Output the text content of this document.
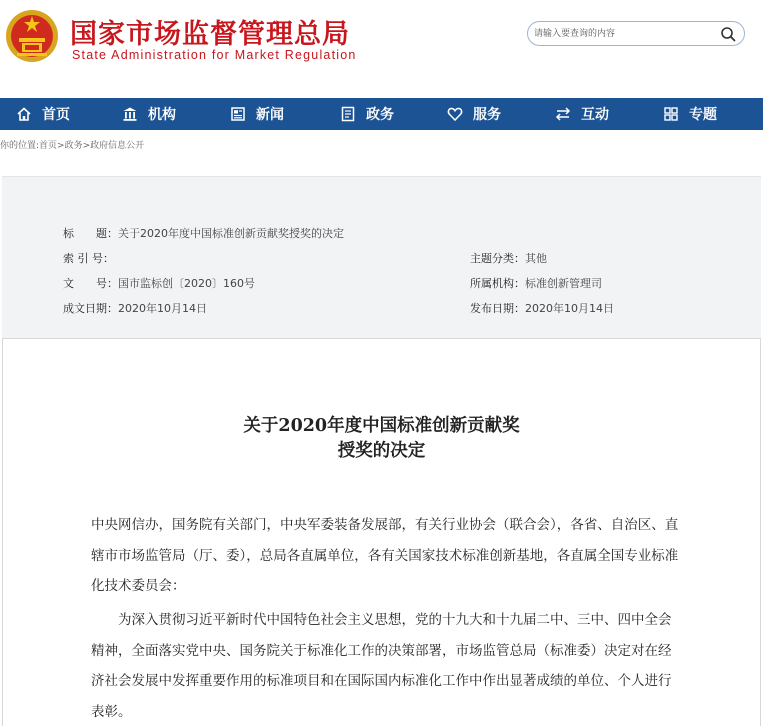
国家市场监督管理总局
State Administration for Market Regulation
请输入要查询的内容
首页	机构	新闻	政务	服务	互动	专题
你的位置:首页>政务>政府信息公开
标　　题：关于2020年度中国标准创新贡献奖授奖的决定
索 引 号：	主题分类：其他
文　　号：国市监标创〔2020〕160号	所属机构：标准创新管理司
成文日期：2020年10月14日	发布日期：2020年10月14日
关于2020年度中国标准创新贡献奖
授奖的决定
中央网信办，国务院有关部门，中央军委装备发展部，有关行业协会（联合会），各省、自治区、直辖市市场监管局（厅、委），总局各直属单位，各有关国家技术标准创新基地，各直属全国专业标准化技术委员会：
　　为深入贯彻习近平新时代中国特色社会主义思想，党的十九大和十九届二中、三中、四中全会精神，全面落实党中央、国务院关于标准化工作的决策部署，市场监管总局（标准委）决定对在经济社会发展中发挥重要作用的标准项目和在国际国内标准化工作中作出显著成绩的单位、个人进行表彰。
